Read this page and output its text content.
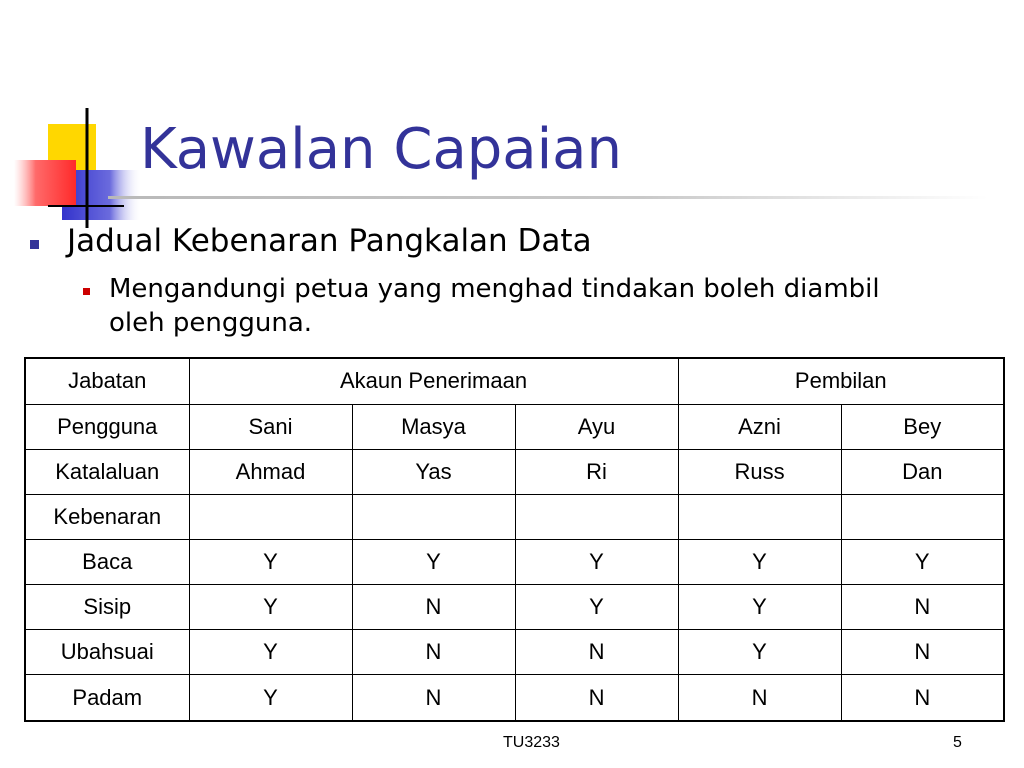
Kawalan Capaian
Jadual Kebenaran Pangkalan Data
Mengandungi petua yang menghad tindakan boleh diambil oleh pengguna.
Jabatan	Akaun Penerimaan			Pembilan	
Pengguna	Sani	Masya	Ayu	Azni	Bey
Katalaluan	Ahmad	Yas	Ri	Russ	Dan
Kebenaran					
Baca	Y	Y	Y	Y	Y
Sisip	Y	N	Y	Y	N
Ubahsuai	Y	N	N	Y	N
Padam	Y	N	N	N	N
TU3233	5
